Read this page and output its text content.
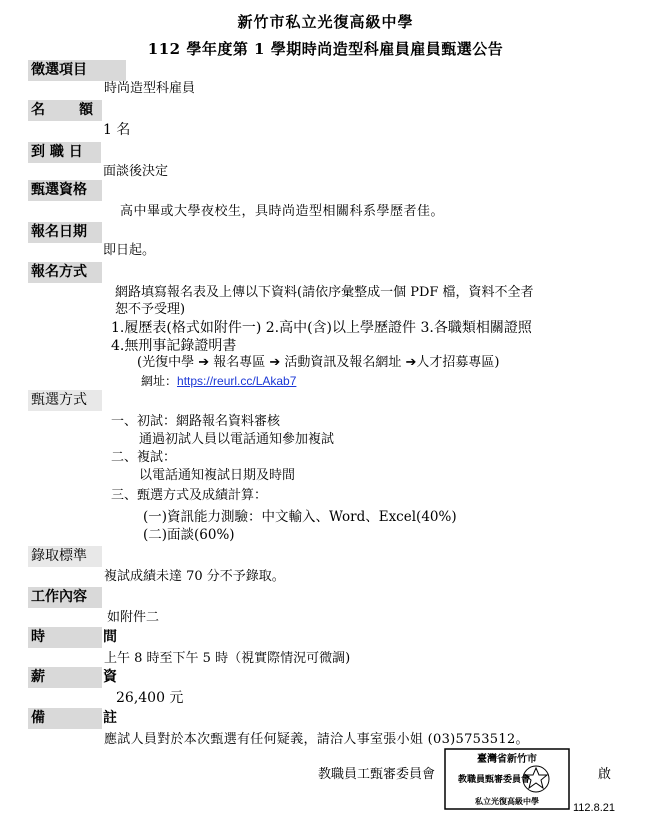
新竹市私立光復高級中學
112 學年度第 1 學期時尚造型科雇員雇員甄選公告
徵選項目
時尚造型科雇員
名　額
1 名
到 職 日
面談後決定
甄選資格
高中畢或大學夜校生，具時尚造型相關科系學歷者佳。
報名日期
即日起。
報名方式
網路填寫報名表及上傳以下資料(請依序彙整成一個 PDF 檔，資料不全者
恕不予受理)
1.履歷表(格式如附件一) 2.高中(含)以上學歷證件 3.各職類相關證照
4.無刑事記錄證明書
(光復中學 ➔ 報名專區 ➔ 活動資訊及報名網址 ➔人才招募專區)
網址：https://reurl.cc/LAkab7
甄選方式
一、初試：網路報名資料審核
通過初試人員以電話通知參加複試
二、複試：
以電話通知複試日期及時間
三、甄選方式及成績計算：
(一)資訊能力測驗：中文輸入、Word、Excel(40%)
(二)面談(60%)
錄取標準
複試成績未達 70 分不予錄取。
工作內容
如附件二
時　　間
上午 8 時至下午 5 時（視實際情況可微調)
薪　　資
26,400 元
備　　註
應試人員對於本次甄選有任何疑義，請洽人事室張小姐 (03)5753512。
教職員工甄審委員會	啟
112.8.21
臺灣省新竹市
教職員甄審委員會
私立光復高級中學
